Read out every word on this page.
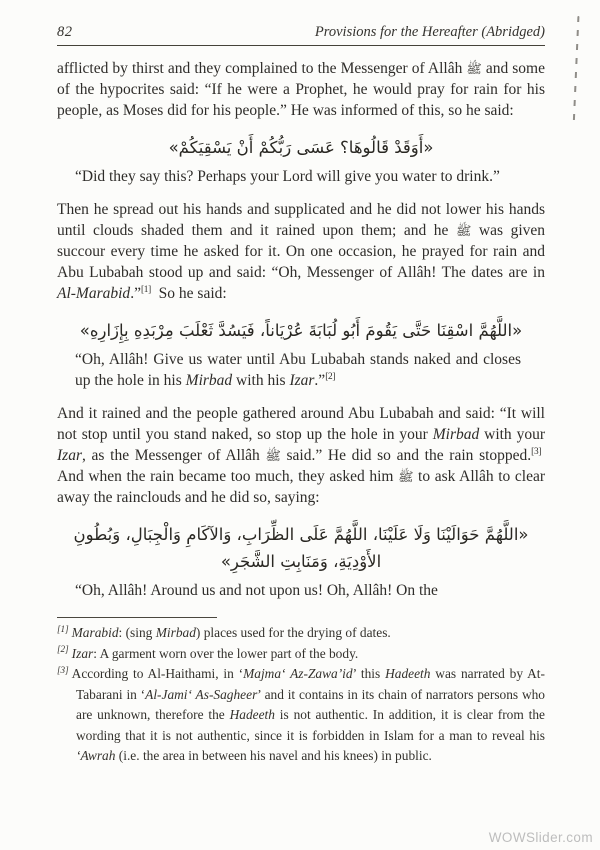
82	Provisions for the Hereafter (Abridged)

afflicted by thirst and they complained to the Messenger of Allâh ﷺ and some of the hypocrites said: “If he were a Prophet, he would pray for rain for his people, as Moses did for his people.” He was informed of this, so he said:

«أَوَقَدْ قَالُوهَا؟ عَسَى رَبُّكُمْ أَنْ يَسْقِيَكُمْ»

“Did they say this? Perhaps your Lord will give you water to drink.”

Then he spread out his hands and supplicated and he did not lower his hands until clouds shaded them and it rained upon them; and he ﷺ was given succour every time he asked for it. On one occasion, he prayed for rain and Abu Lubabah stood up and said: “Oh, Messenger of Allâh! The dates are in Al-Marabid.”[1]  So he said:

«اللَّهُمَّ اسْقِنَا حَتَّى يَقُومَ أَبُو لُبَابَةَ عُرْيَاناً، فَيَسُدَّ ثَعْلَبَ مِرْبَدِهِ بِإِزَارِهِ»

“Oh, Allâh! Give us water until Abu Lubabah stands naked and closes up the hole in his Mirbad with his Izar.”[2]

And it rained and the people gathered around Abu Lubabah and said: “It will not stop until you stand naked, so stop up the hole in your Mirbad with your Izar, as the Messenger of Allâh ﷺ said.” He did so and the rain stopped.[3]  And when the rain became too much, they asked him ﷺ to ask Allâh to clear away the rainclouds and he did so, saying:

«اللَّهُمَّ حَوَالَيْنَا وَلَا عَلَيْنَا، اللَّهُمَّ عَلَى الظِّرَابِ، وَالآكَامِ وَالْجِبَالِ، وَبُطُونِ الأَوْدِيَةِ، وَمَنَابِتِ الشَّجَرِ»

“Oh, Allâh! Around us and not upon us! Oh, Allâh! On the

[1] Marabid: (sing Mirbad) places used for the drying of dates.
[2] Izar: A garment worn over the lower part of the body.
[3] According to Al-Haithami, in ‘Majma‘ Az-Zawa’id’ this Hadeeth was narrated by At-Tabarani in ‘Al-Jami‘ As-Sagheer’ and it contains in its chain of narrators persons who are unknown, therefore the Hadeeth is not authentic. In addition, it is clear from the wording that it is not authentic, since it is forbidden in Islam for a man to reveal his ‘Awrah (i.e. the area in between his navel and his knees) in public.
WOWSlider.com
